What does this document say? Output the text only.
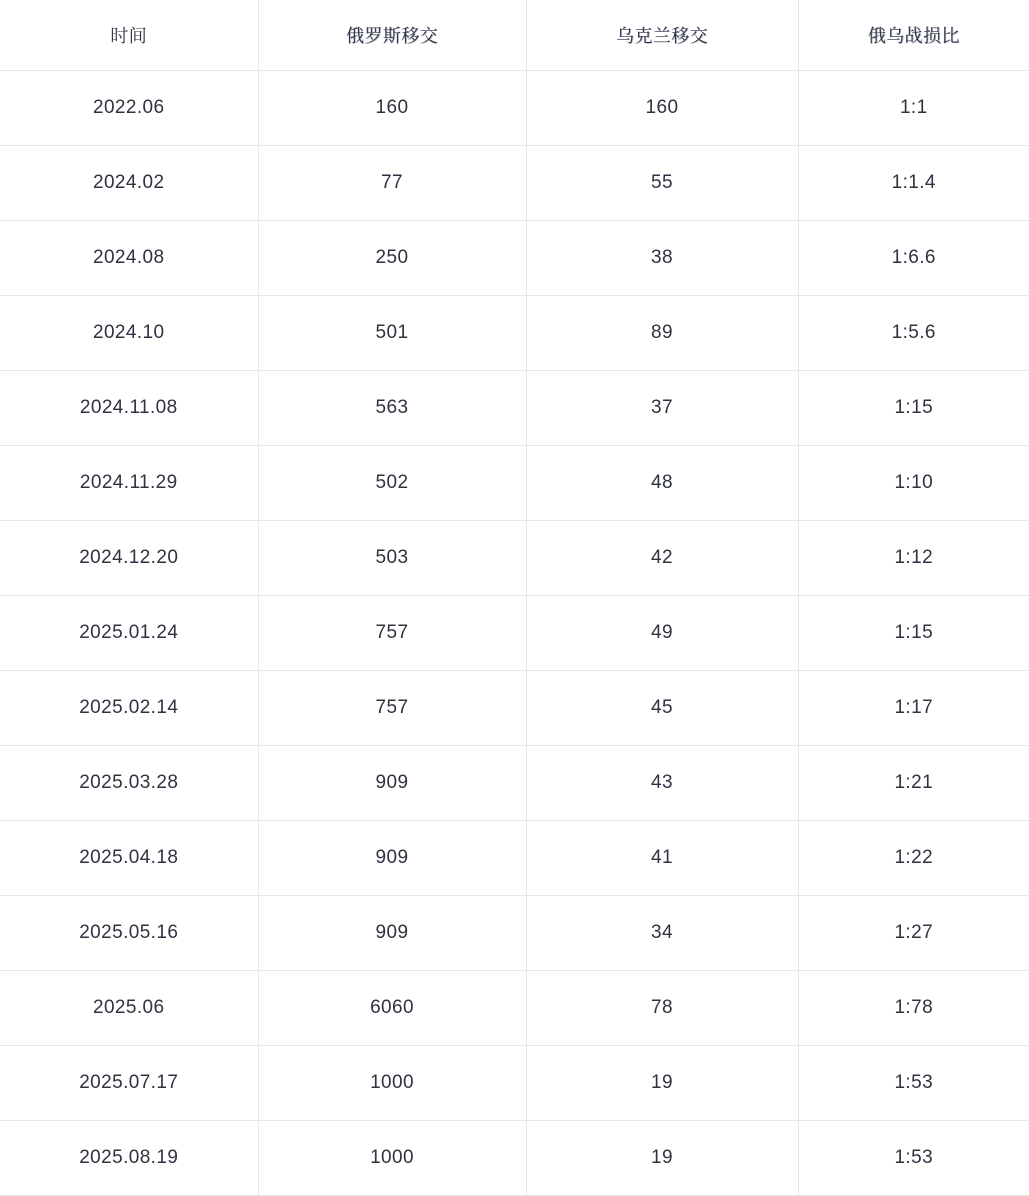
时间	俄罗斯移交	乌克兰移交	俄乌战损比
2022.06	160	160	1:1
2024.02	77	55	1:1.4
2024.08	250	38	1:6.6
2024.10	501	89	1:5.6
2024.11.08	563	37	1:15
2024.11.29	502	48	1:10
2024.12.20	503	42	1:12
2025.01.24	757	49	1:15
2025.02.14	757	45	1:17
2025.03.28	909	43	1:21
2025.04.18	909	41	1:22
2025.05.16	909	34	1:27
2025.06	6060	78	1:78
2025.07.17	1000	19	1:53
2025.08.19	1000	19	1:53
